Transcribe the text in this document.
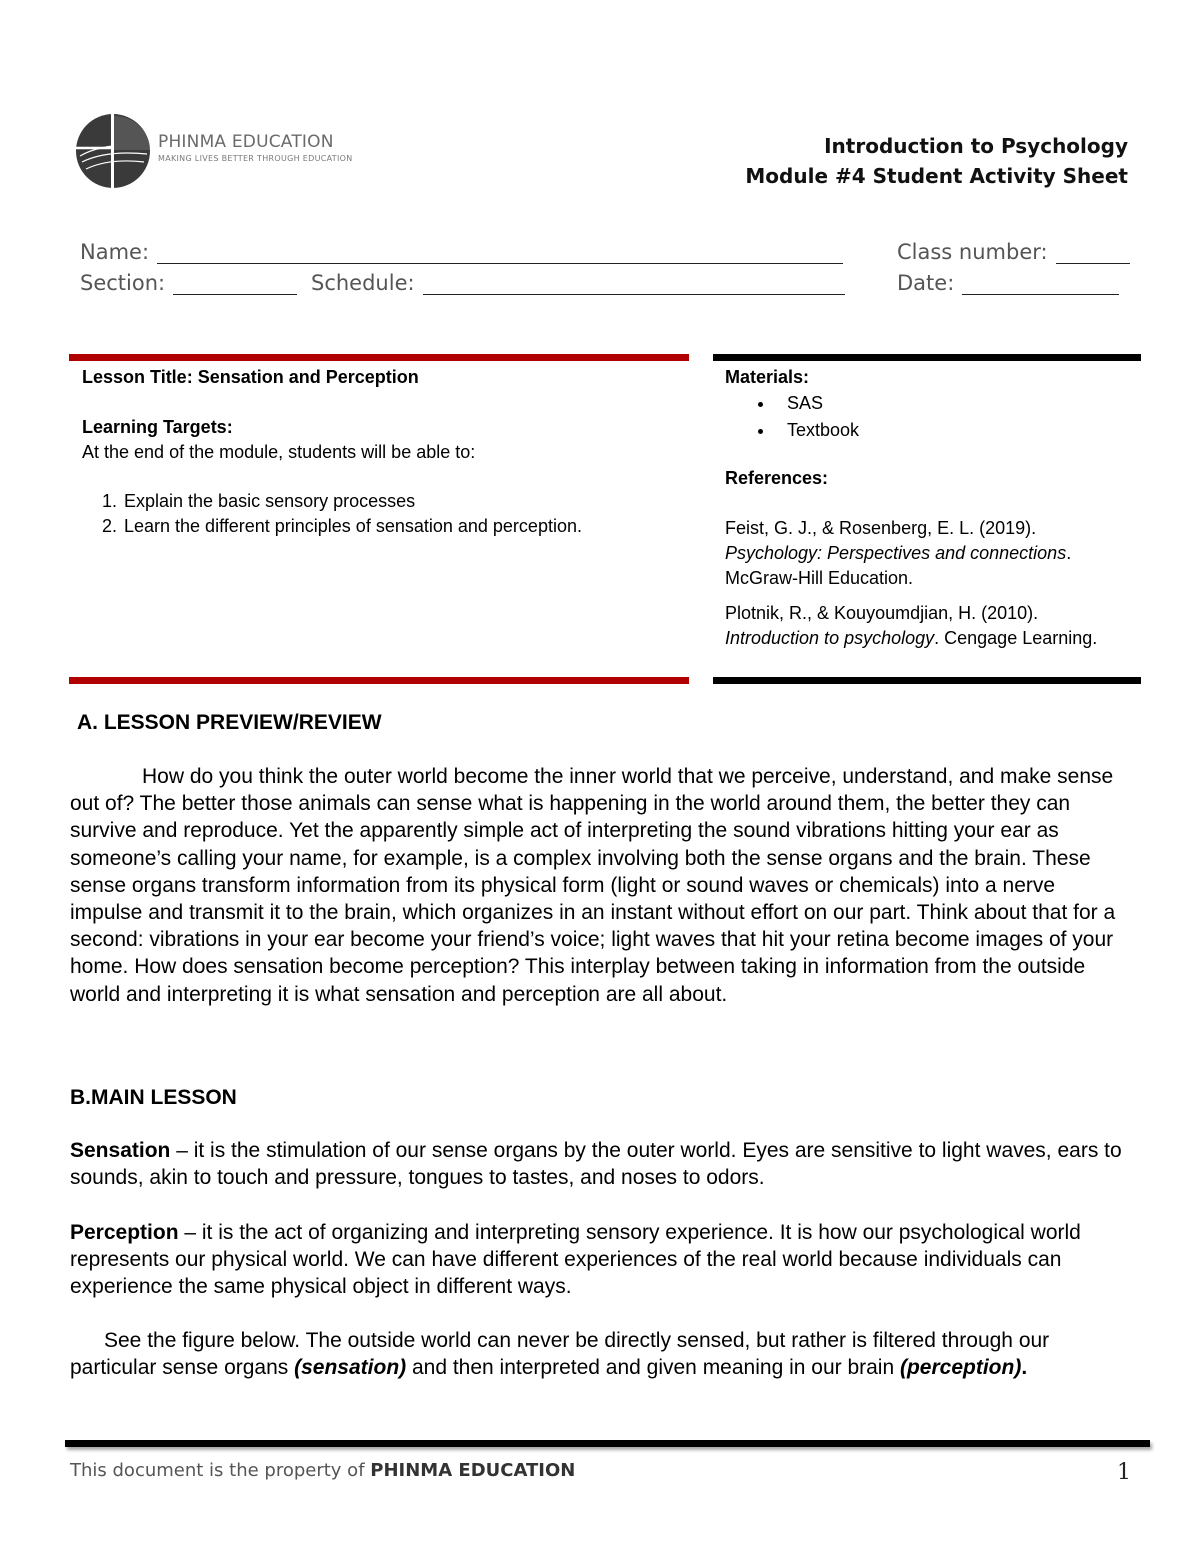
PHINMA EDUCATION
MAKING LIVES BETTER THROUGH EDUCATION
Introduction to Psychology
Module #4 Student Activity Sheet
Name:	Class number:
Section:	Schedule:	Date:
Lesson Title: Sensation and Perception
Learning Targets:
At the end of the module, students will be able to:
1. Explain the basic sensory processes
2. Learn the different principles of sensation and perception.
Materials:
• SAS
• Textbook
References:
Feist, G. J., & Rosenberg, E. L. (2019). Psychology: Perspectives and connections. McGraw-Hill Education.
Plotnik, R., & Kouyoumdjian, H. (2010). Introduction to psychology. Cengage Learning.
A. LESSON PREVIEW/REVIEW
How do you think the outer world become the inner world that we perceive, understand, and make sense out of? The better those animals can sense what is happening in the world around them, the better they can survive and reproduce. Yet the apparently simple act of interpreting the sound vibrations hitting your ear as someone’s calling your name, for example, is a complex involving both the sense organs and the brain. These sense organs transform information from its physical form (light or sound waves or chemicals) into a nerve impulse and transmit it to the brain, which organizes in an instant without effort on our part. Think about that for a second: vibrations in your ear become your friend’s voice; light waves that hit your retina become images of your home. How does sensation become perception? This interplay between taking in information from the outside world and interpreting it is what sensation and perception are all about.
B.MAIN LESSON
Sensation – it is the stimulation of our sense organs by the outer world. Eyes are sensitive to light waves, ears to sounds, akin to touch and pressure, tongues to tastes, and noses to odors.
Perception – it is the act of organizing and interpreting sensory experience. It is how our psychological world represents our physical world. We can have different experiences of the real world because individuals can experience the same physical object in different ways.
See the figure below. The outside world can never be directly sensed, but rather is filtered through our particular sense organs (sensation) and then interpreted and given meaning in our brain (perception).
This document is the property of PHINMA EDUCATION	1
